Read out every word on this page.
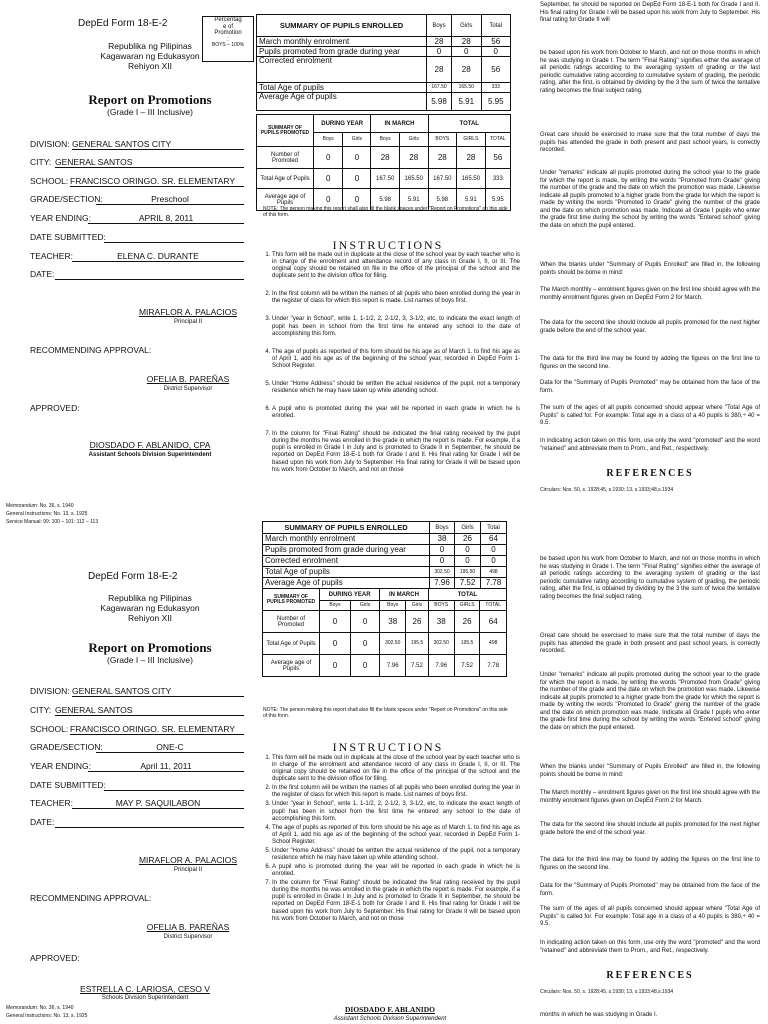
DepEd Form 18-E-2
Republika ng Pilipinas
Kagawaran ng Edukasyon
Rehiyon XII
Report on Promotions
(Grade I – III Inclusive)
Percentag
e of
Promotion
:
BOYS – 100%
DIVISION: GENERAL SANTOS CITY
CITY: GENERAL SANTOS
SCHOOL: FRANCISCO ORINGO. SR. ELEMENTARY
GRADE/SECTION:	Preschool
YEAR ENDING:	APRIL 8, 2011
DATE SUBMITTED:
TEACHER:	ELENA C. DURANTE
DATE:
MIRAFLOR A. PALACIOS
Principal II
RECOMMENDING APPROVAL:
OFELIA B. PAREÑAS
District Supervisor
APPROVED:
DIOSDADO F. ABLANIDO, CPA
Assistant Schools Division Superintendent
Memorandum: No. 36, s. 1940
General Instructions: No. 13, s. 1925
Service Manual: 99: 100 – 101: 112 – 113
SUMMARY OF PUPILS ENROLLED	Boys	Girls	Total
March monthly enrolment	28	28	56
Pupils promoted from grade during year	0	0	0
Corrected enrolment	28	28	56
Total Age of pupils	167.50	165.50	333
Average Age of pupils	5.98	5.91	5.95
SUMMARY OF PUPILS PROMOTED	DURING YEAR		IN MARCH		TOTAL		
	Boys	Girls	Boys	Girls	BOYS	GIRLS	TOTAL
Number of Promoted	0	0	28	28	28	28	56
Total Age of Pupils	0	0	167.50	165.50	167.50	165.50	333
Average age of Pupils	0	0	5.98	5.91	5.98	5.91	5.95
NOTE: The person making this report shall also fill the blank spaces under "Report on Promotions" on this side of this form.
INSTRUCTIONS
1. This form will be made out in duplicate at the close of the school year by each teacher who is in charge of the enrolment and attendance record of any class in Grade I, II, or III. The original copy should be retained on file in the office of the principal of the school and the duplicate sent to the division office for filing.
2. In the first column will be written the names of all pupils who been enrolled during the year in the register of class for which this report is made. List names of boys first.
3. Under "year in School", write 1, 1-1/2, 2, 2-1/2, 3, 3-1/2, etc, to indicate the exact length of pupil has been in school from the first time he entered any school to the date of accomplishing this form.
4. The age of pupils as reported of this form should be his age as of March 1. to find his age as of April 1, add his age as of the beginning of the school year, recorded in DepEd Form 1-School Register.
5. Under "Home Address" should be written the actual residence of the pupil, not a temporary residence which he may have taken up while attending school.
6. A pupil who is promoted during the year will be reported in each grade in which he is enrolled.
7. In the column for "Final Rating" should be indicated the final rating received by the pupil during the months he was enrolled in the grade in which the report is made. For example, if a pupil is enrolled in Grade I in July and is promoted to Grade II in September, he should be reported on DepEd Form 18-E-1 both for Grade I and II. His final rating for Grade I will be based upon his work from July to September. His final rating for Grade II will be based upon his work from October to March, and not on those
September, he should be reported on DepEd Form 18-E-1 both for Grade I and II. His final rating for Grade I will be based upon his work from July to September. His final rating for Grade II will
be based upon his work from October to March, and not on those months in which he was studying in Grade I. The term "Final Rating" signifies either the average of all periodic ratings according to the averaging system of grading or the last periodic cumulative rating according to cumulative system of grading, the periodic rating, after the first, is obtained by dividing by the 3 the sum of twice the tentative rating becomes the final subject rating.
Great care should be exercised to make sure that the total number of days the pupils has attended the grade in both present and past school years, is correctly recorded.
Under "remarks" indicate all pupils promoted during the school year to the grade for which the report is made, by writing the words "Promoted from Grade" giving the number of the grade and the date on which the promotion was made. Likewise indicate all pupils promoted to a higher grade from the grade for which the report is made by writing the words "Promoted to Grade" giving the number of the grade and the date on which promotion was made. Indicate all Grade I pupils who enter the grade first time during the school by writing the words "Entered school" giving the date on which the pupil entered.
When the blanks under "Summary of Pupils Enrolled" are filled in, the following points should be borne in mind:
The March monthly – enrolment figures given on the first line should agree with the monthly enrolment figures given on DepEd Form 2 for March.
The data for the second line should include all pupils promoted for the next higher grade before the end of the school year.
The data for the third line may be found by adding the figures on the first line to figures on the second line.
Data for the "Summary of Pupils Promoted" may be obtained from the face of the form.
The sum of the ages of all pupils concerned should appear where "Total Age of Pupils" is called for. For example: Total age in a class of a 40 pupils is 380,÷ 40 = 9.5.
In indicating action taken on this form, use only the word "promoted" and the word "retained" and abbreviate them to Prom., and Ret., respectively.
REFERENCES
Circulars: Nos. 50, s. 1928;45, s.1930; 13, s.1933;48,s.1934
DepEd Form 18-E-2
Republika ng Pilipinas
Kagawaran ng Edukasyon
Rehiyon XII
Report on Promotions
(Grade I – III Inclusive)
DIVISION: GENERAL SANTOS CITY
CITY: GENERAL SANTOS
SCHOOL: FRANCISCO ORINGO. SR. ELEMENTARY
GRADE/SECTION:	ONE-C
YEAR ENDING:	April 11, 2011
DATE SUBMITTED:
TEACHER:	MAY P. SAQUILABON
DATE:
MIRAFLOR A. PALACIOS
Principal II
RECOMMENDING APPROVAL:
OFELIA B. PAREÑAS
District Supervisor
APPROVED:
ESTRELLA C. LARIOSA, CESO V
Schools Division Superintendent
Memorandum: No. 36, s. 1940
General Instructions: No. 13, s. 1925
SUMMARY OF PUPILS ENROLLED	Boys	Girls	Total
March monthly enrolment	38	26	64
Pupils promoted from grade during year	0	0	0
Corrected enrolment	0	0	0
Total Age of pupils	302.50	195.50	498
Average Age of pupils	7.96	7.52	7.78
SUMMARY OF PUPILS PROMOTED	DURING YEAR		IN MARCH		TOTAL		
	Boys	Girls	Boys	Girls	BOYS	GIRLS	TOTAL
Number of Promoted	0	0	38	26	38	26	64
Total Age of Pupils	0	0	302.50	195.5	302.50	195.5	498
Average age of Pupils	0	0	7.96	7.52	7.96	7.52	7.78
NOTE: The person making this report shall also fill the blank spaces under "Report on Promotions" on this side of this form.
INSTRUCTIONS
1. This form will be made out in duplicate at the close of the school year by each teacher who is in charge of the enrolment and attendance record of any class in Grade I, II, or III. The original copy should be retained on file in the office of the principal of the school and the duplicate sent to the division office for filing.
2. In the first column will be written the names of all pupils who been enrolled during the year in the register of class for which this report is made. List names of boys first.
3. Under "year in School", write 1, 1-1/2, 2, 2-1/2, 3, 3-1/2, etc, to indicate the exact length of pupil has been in school from the first time he entered any school to the date of accomplishing this form.
4. The age of pupils as reported of this form should be his age as of March 1. to find his age as of April 1, add his age as of the beginning of the school year, recorded in DepEd Form 1-School Register.
5. Under "Home Address" should be written the actual residence of the pupil, not a temporary residence which he may have taken up while attending school.
6. A pupil who is promoted during the year will be reported in each grade in which he is enrolled.
7. In the column for "Final Rating" should be indicated the final rating received by the pupil during the months he was enrolled in the grade in which the report is made. For example, if a pupil is enrolled in Grade I in July and is promoted to Grade II in September, he should be reported on DepEd Form 18-E-1 both for Grade I and II. His final rating for Grade I will be based upon his work from July to September. His final rating for Grade II will be based upon his work from October to March, and not on those
DIOSDADO F. ABLANIDO
Assistant Schools Division Superintendent
be based upon his work from October to March, and not on those months in which he was studying in Grade I. The term "Final Rating" signifies either the average of all periodic ratings according to the averaging system of grading or the last periodic cumulative rating according to cumulative system of grading, the periodic rating, after the first, is obtained by dividing by the 3 the sum of twice the tentative rating becomes the final subject rating.
Great care should be exercised to make sure that the total number of days the pupils has attended the grade in both present and past school years, is correctly recorded.
Under "remarks" indicate all pupils promoted during the school year to the grade for which the report is made, by writing the words "Promoted from Grade" giving the number of the grade and the date on which the promotion was made. Likewise indicate all pupils promoted to a higher grade from the grade for which the report is made by writing the words "Promoted to Grade" giving the number of the grade and the date on which promotion was made. Indicate all Grade I pupils who enter the grade first time during the school by writing the words "Entered school" giving the date on which the pupil entered.
When the blanks under "Summary of Pupils Enrolled" are filled in, the following points should be borne in mind:
The March monthly – enrolment figures given on the first line should agree with the monthly enrolment figures given on DepEd Form 2 for March.
The data for the second line should include all pupils promoted for the next higher grade before the end of the school year.
The data for the third line may be found by adding the figures on the first line to figures on the second line.
Data for the "Summary of Pupils Promoted" may be obtained from the face of the form.
The sum of the ages of all pupils concerned should appear where "Total Age of Pupils" is called for. For example: Total age in a class of a 40 pupils is 380,÷ 40 = 9.5.
In indicating action taken on this form, use only the word "promoted" and the word "retained" and abbreviate them to Prom., and Ret., respectively.
REFERENCES
Circulars: Nos. 50, s. 1928;45, s.1930; 13, s.1933;48,s.1934
months in which he was studying in Grade I.
